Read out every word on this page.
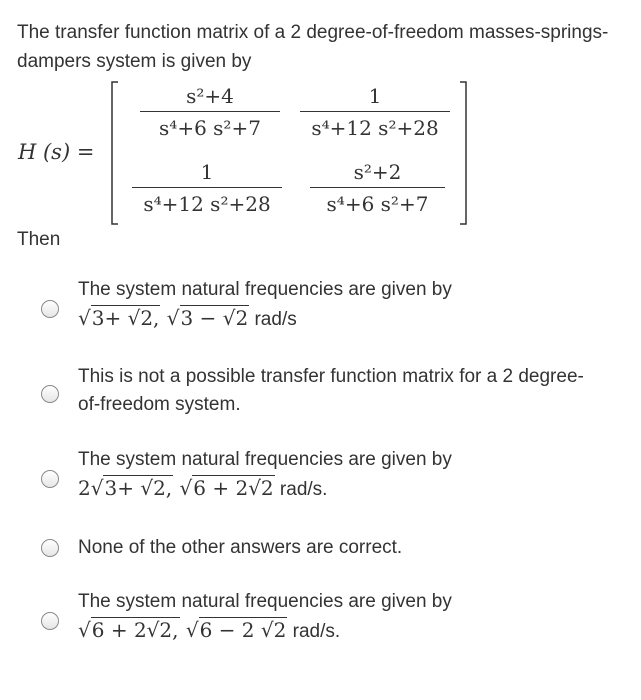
The transfer function matrix of a 2 degree-of-freedom masses-springs-dampers system is given by
H (s) =
s²+4
s⁴+6 s²+7
1
s⁴+12 s²+28
1
s⁴+12 s²+28
s²+2
s⁴+6 s²+7
Then
The system natural frequencies are given by
√3+ √2, √3 − √2 rad/s
This is not a possible transfer function matrix for a 2 degree-
of-freedom system.
The system natural frequencies are given by
2√3+ √2, √6 + 2√2 rad/s.
None of the other answers are correct.
The system natural frequencies are given by
√6 + 2√2, √6 − 2 √2 rad/s.
